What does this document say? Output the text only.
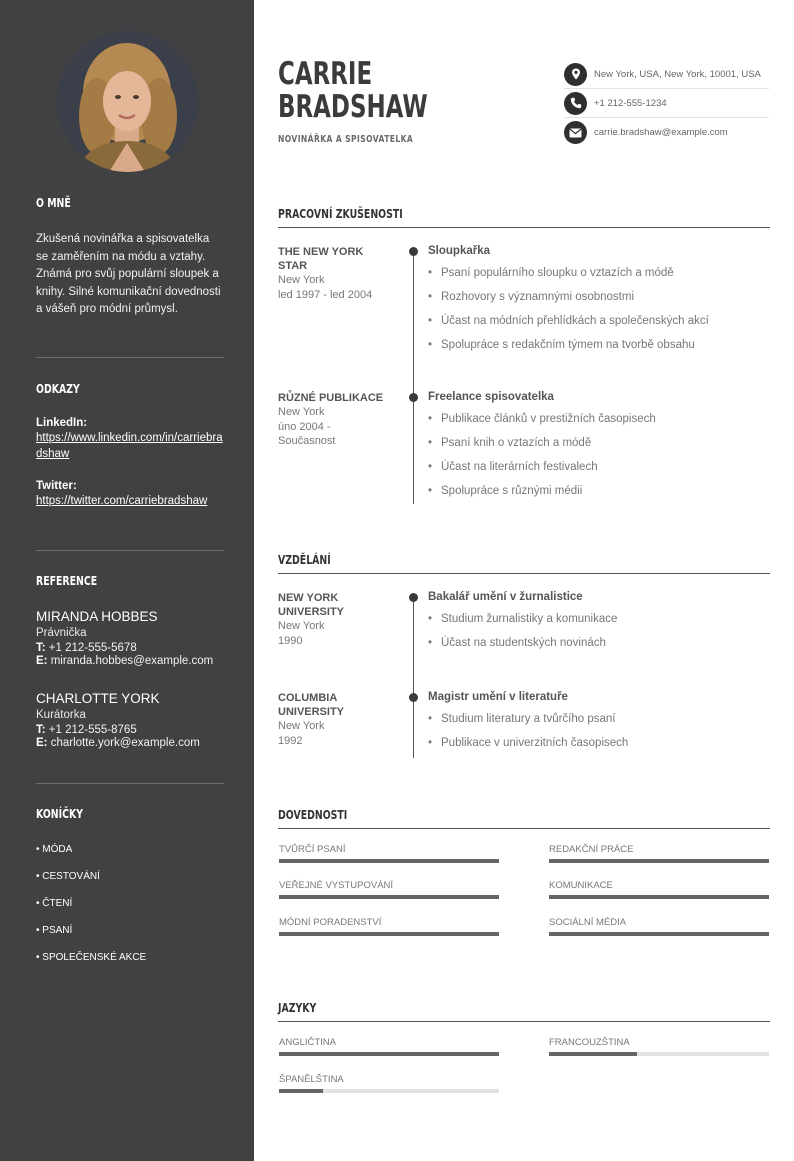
O MNĚ
Zkušená novinářka a spisovatelka se zaměřením na módu a vztahy. Známá pro svůj populární sloupek a knihy. Silné komunikační dovednosti a vášeň pro módní průmysl.
ODKAZY
LinkedIn:
https://www.linkedin.com/in/carriebradshaw
Twitter:
https://twitter.com/carriebradshaw
REFERENCE
MIRANDA HOBBES
Právnička
T: +1 212-555-5678
E: miranda.hobbes@example.com
CHARLOTTE YORK
Kurátorka
T: +1 212-555-8765
E: charlotte.york@example.com
KONÍČKY
• MÓDA
• CESTOVÁNÍ
• ČTENÍ
• PSANÍ
• SPOLEČENSKÉ AKCE
CARRIE
BRADSHAW
NOVINÁŘKA A SPISOVATELKA
New York, USA, New York, 10001, USA
+1 212-555-1234
carrie.bradshaw@example.com
PRACOVNÍ ZKUŠENOSTI
THE NEW YORK STAR
New York
led 1997 - led 2004
Sloupkařka
• Psaní populárního sloupku o vztazích a módě
• Rozhovory s významnými osobnostmi
• Účast na módních přehlídkách a společenských akcí
• Spolupráce s redakčním týmem na tvorbě obsahu
RŮZNÉ PUBLIKACE
New York
úno 2004 -
Současnost
Freelance spisovatelka
• Publikace článků v prestižních časopisech
• Psaní knih o vztazích a módě
• Účast na literárních festivalech
• Spolupráce s různými médii
VZDĚLÁNÍ
NEW YORK UNIVERSITY
New York
1990
Bakalář umění v žurnalistice
• Studium žurnalistiky a komunikace
• Účast na studentských novinách
COLUMBIA UNIVERSITY
New York
1992
Magistr umění v literatuře
• Studium literatury a tvůrčího psaní
• Publikace v univerzitních časopisech
DOVEDNOSTI
TVŮRČÍ PSANÍ	REDAKČNÍ PRÁCE
VEŘEJNÉ VYSTUPOVÁNÍ	KOMUNIKACE
MÓDNÍ PORADENSTVÍ	SOCIÁLNÍ MÉDIA
JAZYKY
ANGLIČTINA	FRANCOUZŠTINA
ŠPANĚLŠTINA
